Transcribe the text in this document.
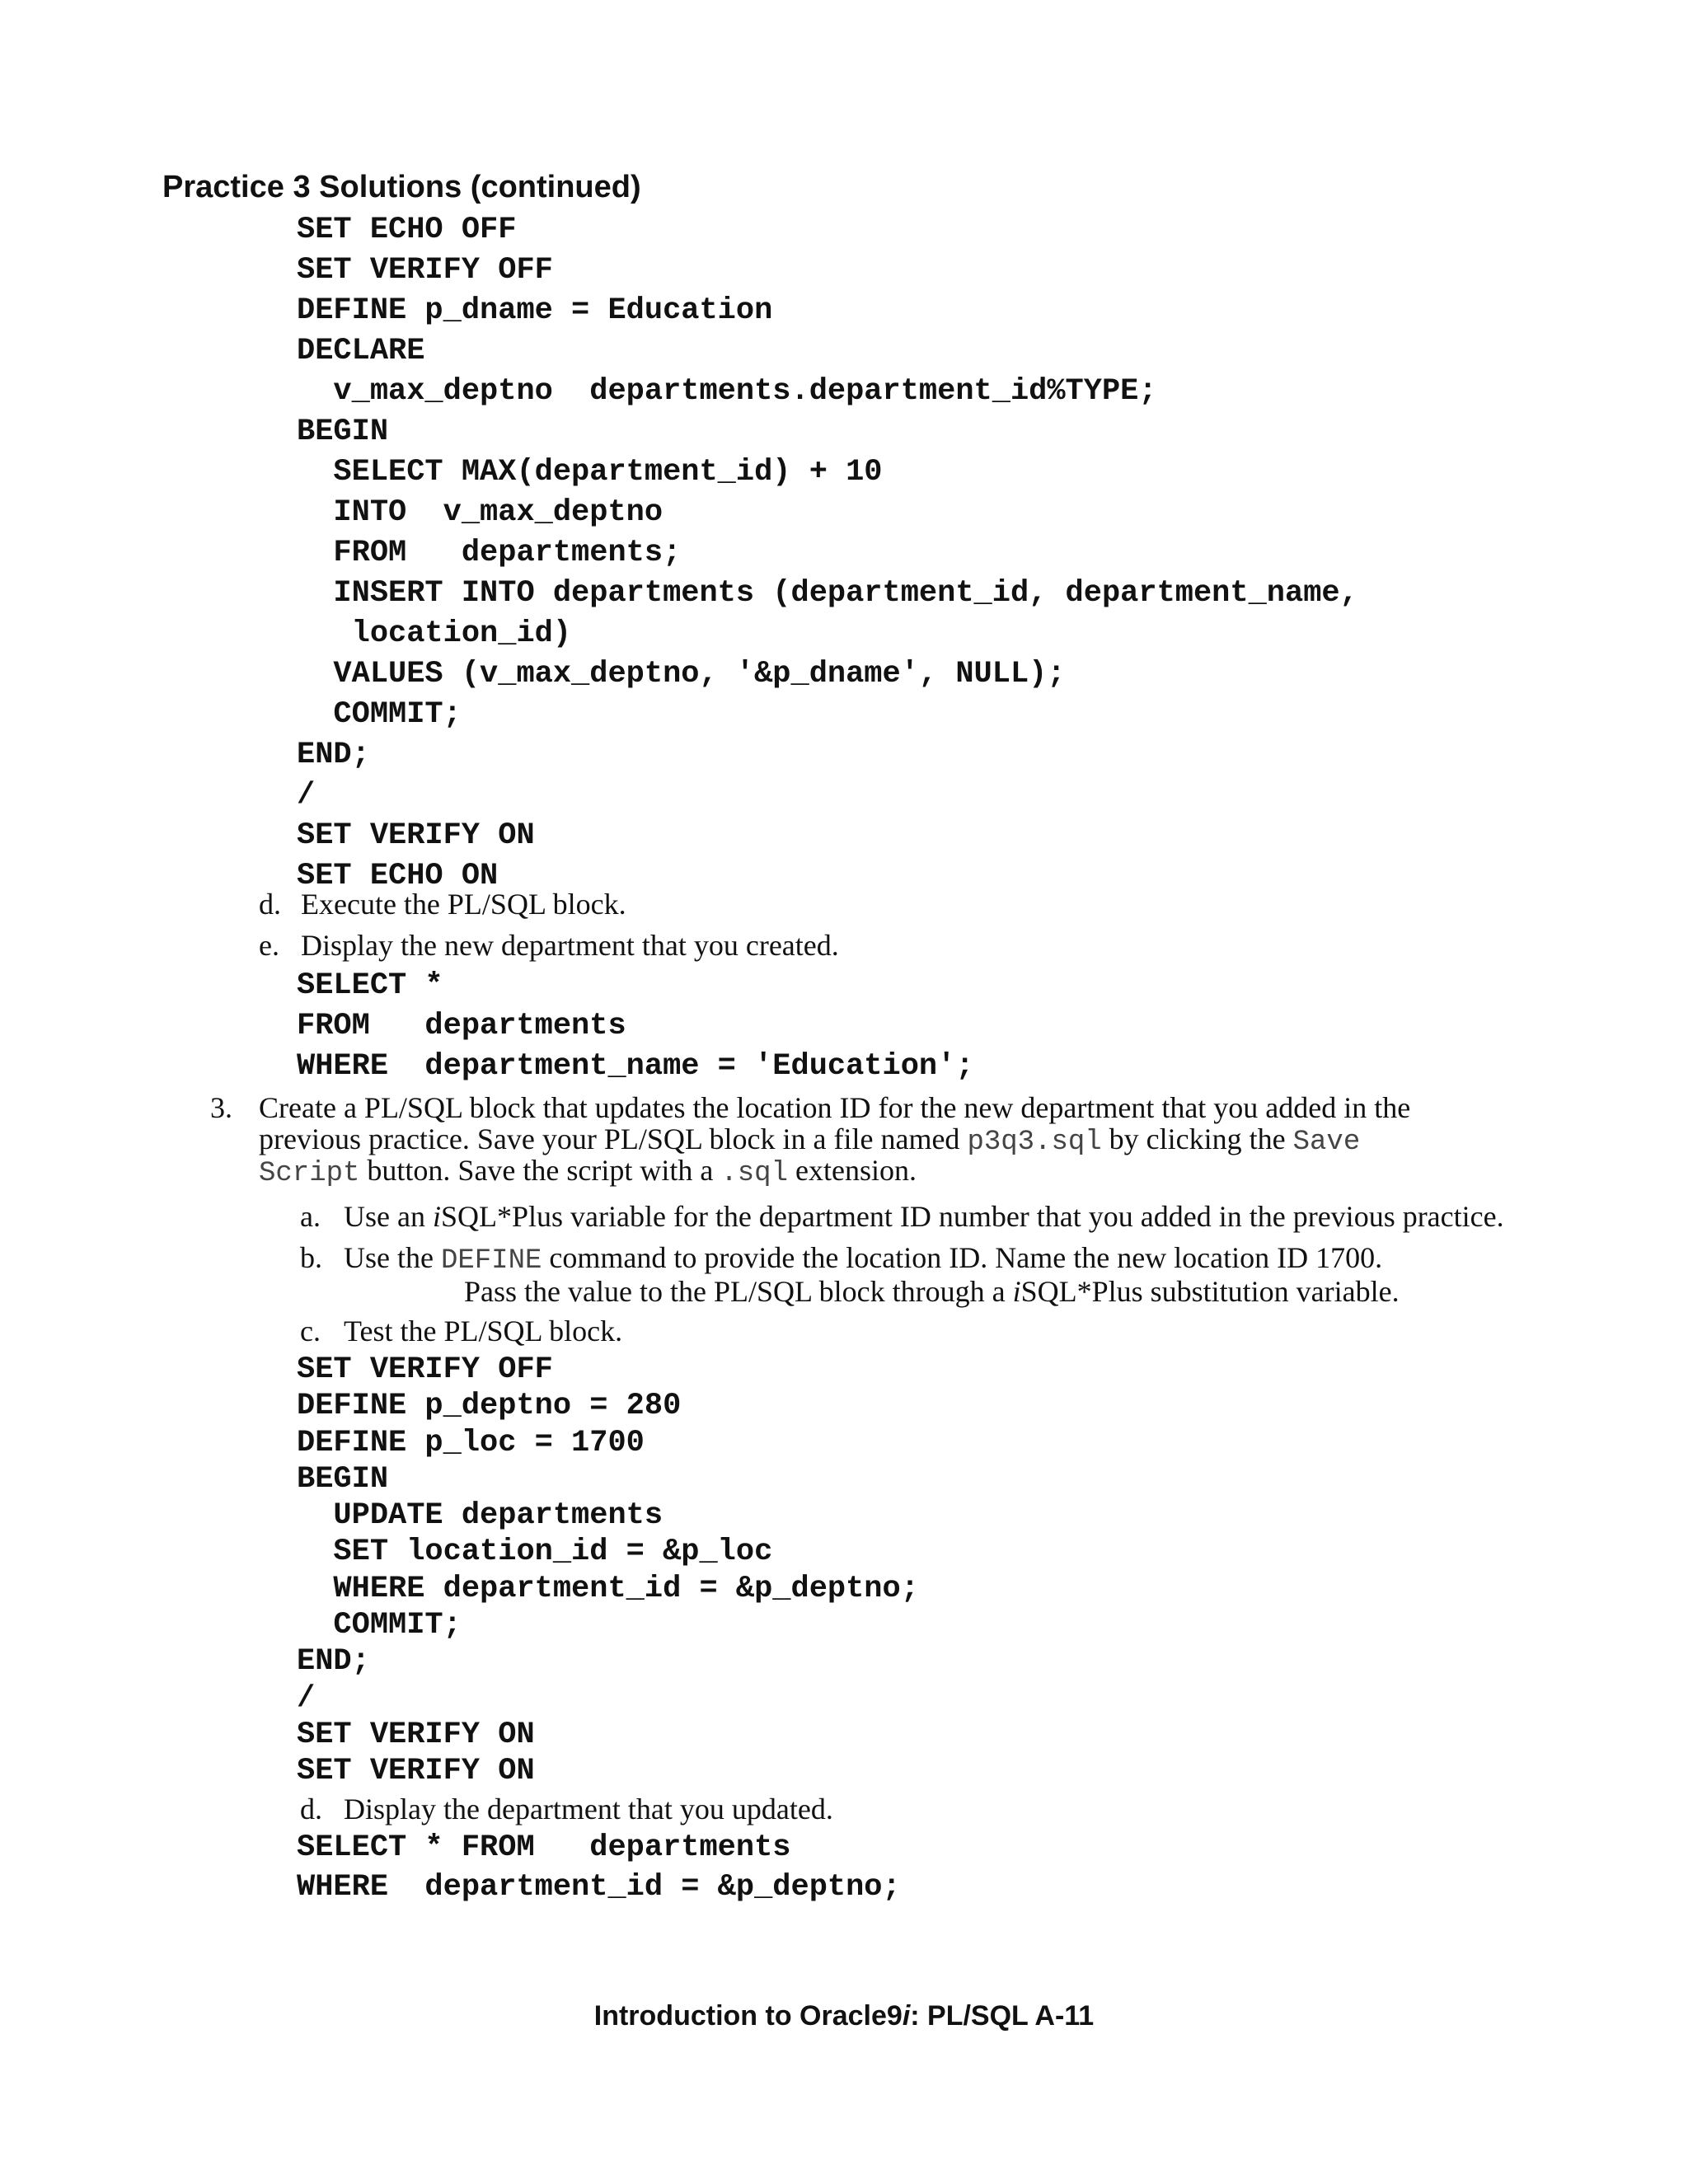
Practice 3 Solutions (continued)
SET ECHO OFF
SET VERIFY OFF
DEFINE p_dname = Education
DECLARE
v_max_deptno  departments.department_id%TYPE;
BEGIN
SELECT MAX(department_id) + 10
INTO  v_max_deptno
FROM   departments;
INSERT INTO departments (department_id, department_name,
location_id)
VALUES (v_max_deptno, '&p_dname', NULL);
COMMIT;
END;
/
SET VERIFY ON
SET ECHO ON
d. Execute the PL/SQL block.
e. Display the new department that you created.
SELECT *
FROM   departments
WHERE  department_name = 'Education';
3. Create a PL/SQL block that updates the location ID for the new department that you added in the
previous practice. Save your PL/SQL block in a file named p3q3.sql by clicking the Save
Script button. Save the script with a .sql extension.
a. Use an iSQL*Plus variable for the department ID number that you added in the previous practice.
b. Use the DEFINE command to provide the location ID. Name the new location ID 1700.
Pass the value to the PL/SQL block through a iSQL*Plus substitution variable.
c. Test the PL/SQL block.
SET VERIFY OFF
DEFINE p_deptno = 280
DEFINE p_loc = 1700
BEGIN
UPDATE departments
SET location_id = &p_loc
WHERE department_id = &p_deptno;
COMMIT;
END;
/
SET VERIFY ON
SET VERIFY ON
d. Display the department that you updated.
SELECT * FROM   departments
WHERE  department_id = &p_deptno;
Introduction to Oracle9i: PL/SQL A-11
